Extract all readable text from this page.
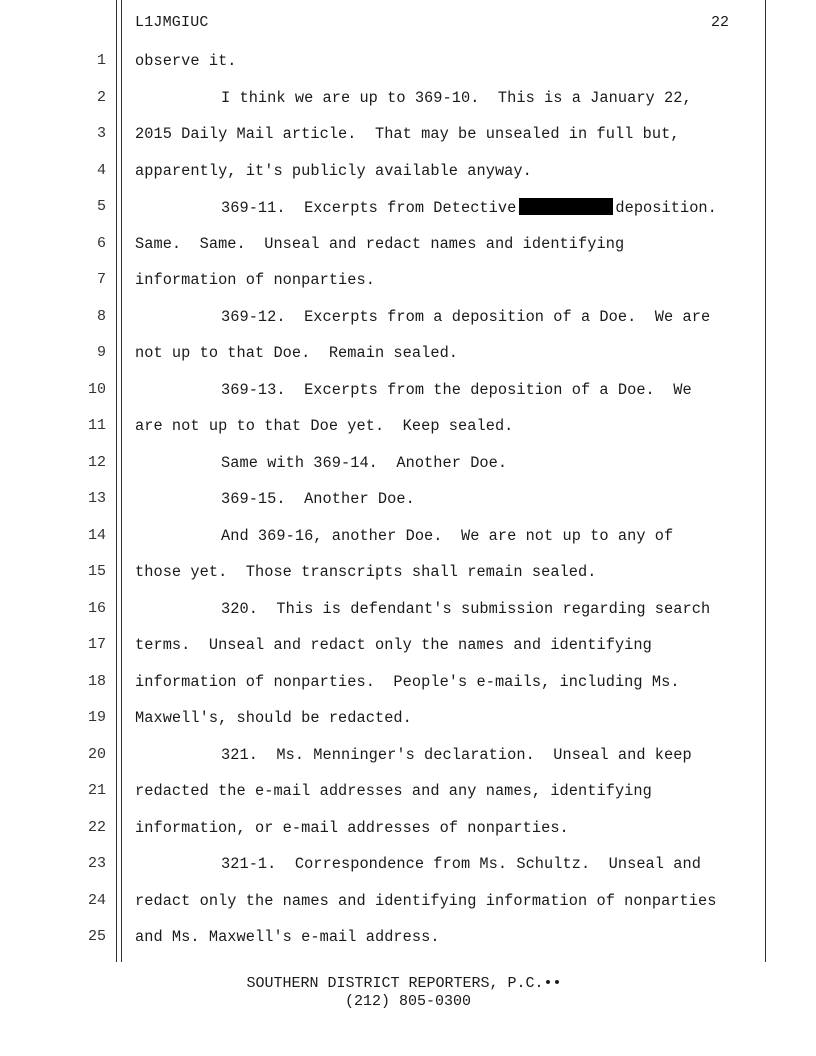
L1JMGIUC	22
1 observe it.
2	I think we are up to 369-10.  This is a January 22,
3 2015 Daily Mail article.  That may be unsealed in full but,
4 apparently, it's publicly available anyway.
5	369-11.  Excerpts from Detective	deposition.
6 Same.  Same.  Unseal and redact names and identifying
7 information of nonparties.
8	369-12.  Excerpts from a deposition of a Doe.  We are
9 not up to that Doe.  Remain sealed.
10	369-13.  Excerpts from the deposition of a Doe.  We
11 are not up to that Doe yet.  Keep sealed.
12	Same with 369-14.  Another Doe.
13	369-15.  Another Doe.
14	And 369-16, another Doe.  We are not up to any of
15 those yet.  Those transcripts shall remain sealed.
16	320.  This is defendant's submission regarding search
17 terms.  Unseal and redact only the names and identifying
18 information of nonparties.  People's e-mails, including Ms.
19 Maxwell's, should be redacted.
20	321.  Ms. Menninger's declaration.  Unseal and keep
21 redacted the e-mail addresses and any names, identifying
22 information, or e-mail addresses of nonparties.
23	321-1.  Correspondence from Ms. Schultz.  Unseal and
24 redact only the names and identifying information of nonparties
25 and Ms. Maxwell's e-mail address.
SOUTHERN DISTRICT REPORTERS, P.C.••
(212) 805-0300
